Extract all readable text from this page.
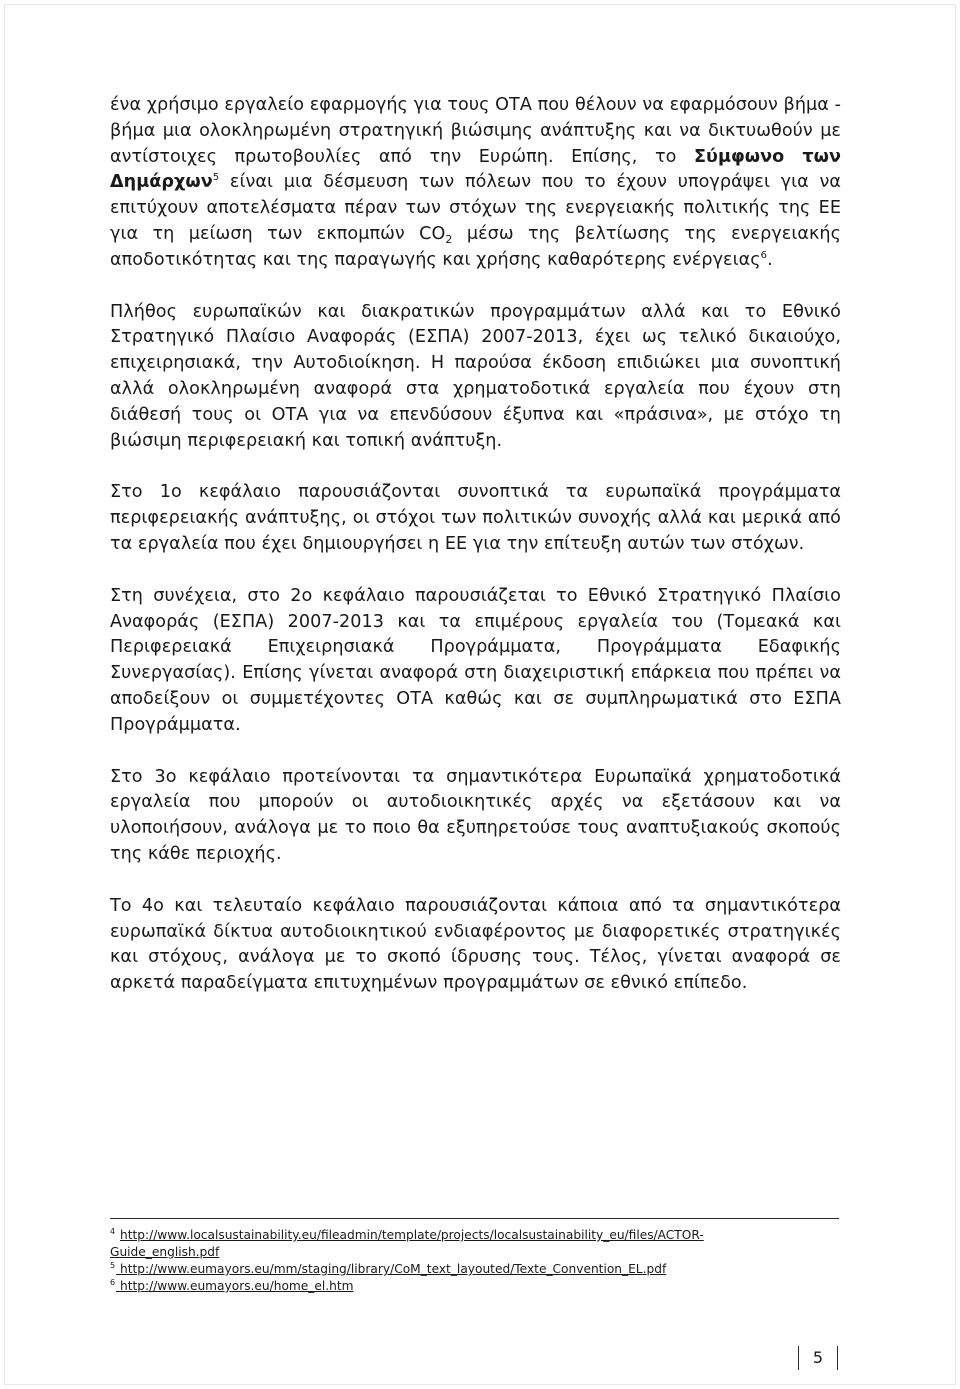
ένα χρήσιμο εργαλείο εφαρμογής για τους ΟΤΑ που θέλουν να εφαρμόσουν βήμα - βήμα μια ολοκληρωμένη στρατηγική βιώσιμης ανάπτυξης και να δικτυωθούν με αντίστοιχες πρωτοβουλίες από την Ευρώπη. Επίσης, το Σύμφωνο των Δημάρχων$^5$ είναι μια δέσμευση των πόλεων που το έχουν υπογράψει για να επιτύχουν αποτελέσματα πέραν των στόχων της ενεργειακής πολιτικής της ΕΕ για τη μείωση των εκπομπών $CO_2$ μέσω της βελτίωσης της ενεργειακής αποδοτικότητας και της παραγωγής και χρήσης καθαρότερης ενέργειας$^6$.

Πλήθος ευρωπαϊκών και διακρατικών προγραμμάτων αλλά και το Εθνικό Στρατηγικό Πλαίσιο Αναφοράς (ΕΣΠΑ) 2007-2013, έχει ως τελικό δικαιούχο, επιχειρησιακά, την Αυτοδιοίκηση. Η παρούσα έκδοση επιδιώκει μια συνοπτική αλλά ολοκληρωμένη αναφορά στα χρηματοδοτικά εργαλεία που έχουν στη διάθεσή τους οι ΟΤΑ για να επενδύσουν έξυπνα και «πράσινα», με στόχο τη βιώσιμη περιφερειακή και τοπική ανάπτυξη.

Στο 1ο κεφάλαιο παρουσιάζονται συνοπτικά τα ευρωπαϊκά προγράμματα περιφερειακής ανάπτυξης, οι στόχοι των πολιτικών συνοχής αλλά και μερικά από τα εργαλεία που έχει δημιουργήσει η ΕΕ για την επίτευξη αυτών των στόχων.

Στη συνέχεια, στο 2ο κεφάλαιο παρουσιάζεται το Εθνικό Στρατηγικό Πλαίσιο Αναφοράς (ΕΣΠΑ) 2007-2013 και τα επιμέρους εργαλεία του (Τομεακά και Περιφερειακά Επιχειρησιακά Προγράμματα, Προγράμματα Εδαφικής Συνεργασίας). Επίσης γίνεται αναφορά στη διαχειριστική επάρκεια που πρέπει να αποδείξουν οι συμμετέχοντες ΟΤΑ καθώς και σε συμπληρωματικά στο ΕΣΠΑ Προγράμματα.

Στο 3ο κεφάλαιο προτείνονται τα σημαντικότερα Ευρωπαϊκά χρηματοδοτικά εργαλεία που μπορούν οι αυτοδιοικητικές αρχές να εξετάσουν και να υλοποιήσουν, ανάλογα με το ποιο θα εξυπηρετούσε τους αναπτυξιακούς σκοπούς της κάθε περιοχής.

Το 4ο και τελευταίο κεφάλαιο παρουσιάζονται κάποια από τα σημαντικότερα ευρωπαϊκά δίκτυα αυτοδιοικητικού ενδιαφέροντος με διαφορετικές στρατηγικές και στόχους, ανάλογα με το σκοπό ίδρυσης τους. Τέλος, γίνεται αναφορά σε αρκετά παραδείγματα επιτυχημένων προγραμμάτων σε εθνικό επίπεδο.

$^4$ http://www.localsustainability.eu/fileadmin/template/projects/localsustainability_eu/files/ACTOR-Guide_english.pdf

$^5$ http://www.eumayors.eu/mm/staging/library/CoM_text_layouted/Texte_Convention_EL.pdf

$^6$ http://www.eumayors.eu/home_el.htm

5
